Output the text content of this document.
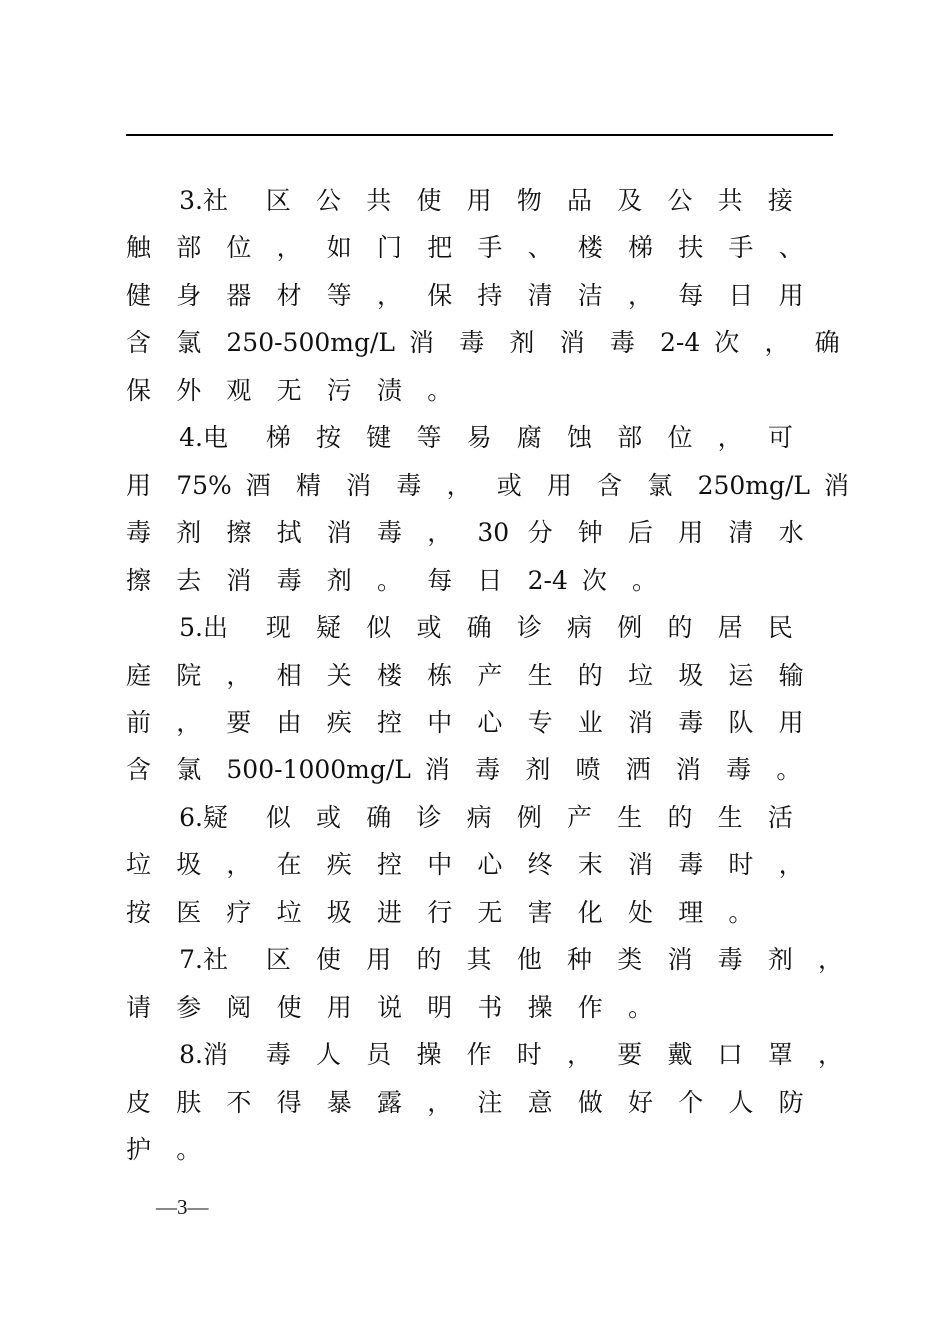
3.社 区 公 共 使 用 物 品 及 公 共 接
触 部 位 ， 如 门 把 手 、 楼 梯 扶 手 、
健 身 器 材 等 ， 保 持 清 洁 ， 每 日 用
含 氯 250-500mg/L 消 毒 剂 消 毒 2-4 次 ， 确
保 外 观 无 污 渍 。
4.电 梯 按 键 等 易 腐 蚀 部 位 ， 可
用 75% 酒 精 消 毒 ， 或 用 含 氯 250mg/L 消
毒 剂 擦 拭 消 毒 ， 30 分 钟 后 用 清 水
擦 去 消 毒 剂 。 每 日 2-4 次 。
5.出 现 疑 似 或 确 诊 病 例 的 居 民
庭 院 ， 相 关 楼 栋 产 生 的 垃 圾 运 输
前 ， 要 由 疾 控 中 心 专 业 消 毒 队 用
含 氯 500-1000mg/L 消 毒 剂 喷 洒 消 毒 。
6.疑 似 或 确 诊 病 例 产 生 的 生 活
垃 圾 ， 在 疾 控 中 心 终 末 消 毒 时 ，
按 医 疗 垃 圾 进 行 无 害 化 处 理 。
7.社 区 使 用 的 其 他 种 类 消 毒 剂 ，
请 参 阅 使 用 说 明 书 操 作 。
8.消 毒 人 员 操 作 时 ， 要 戴 口 罩 ，
皮 肤 不 得 暴 露 ， 注 意 做 好 个 人 防
护 。
—3—
